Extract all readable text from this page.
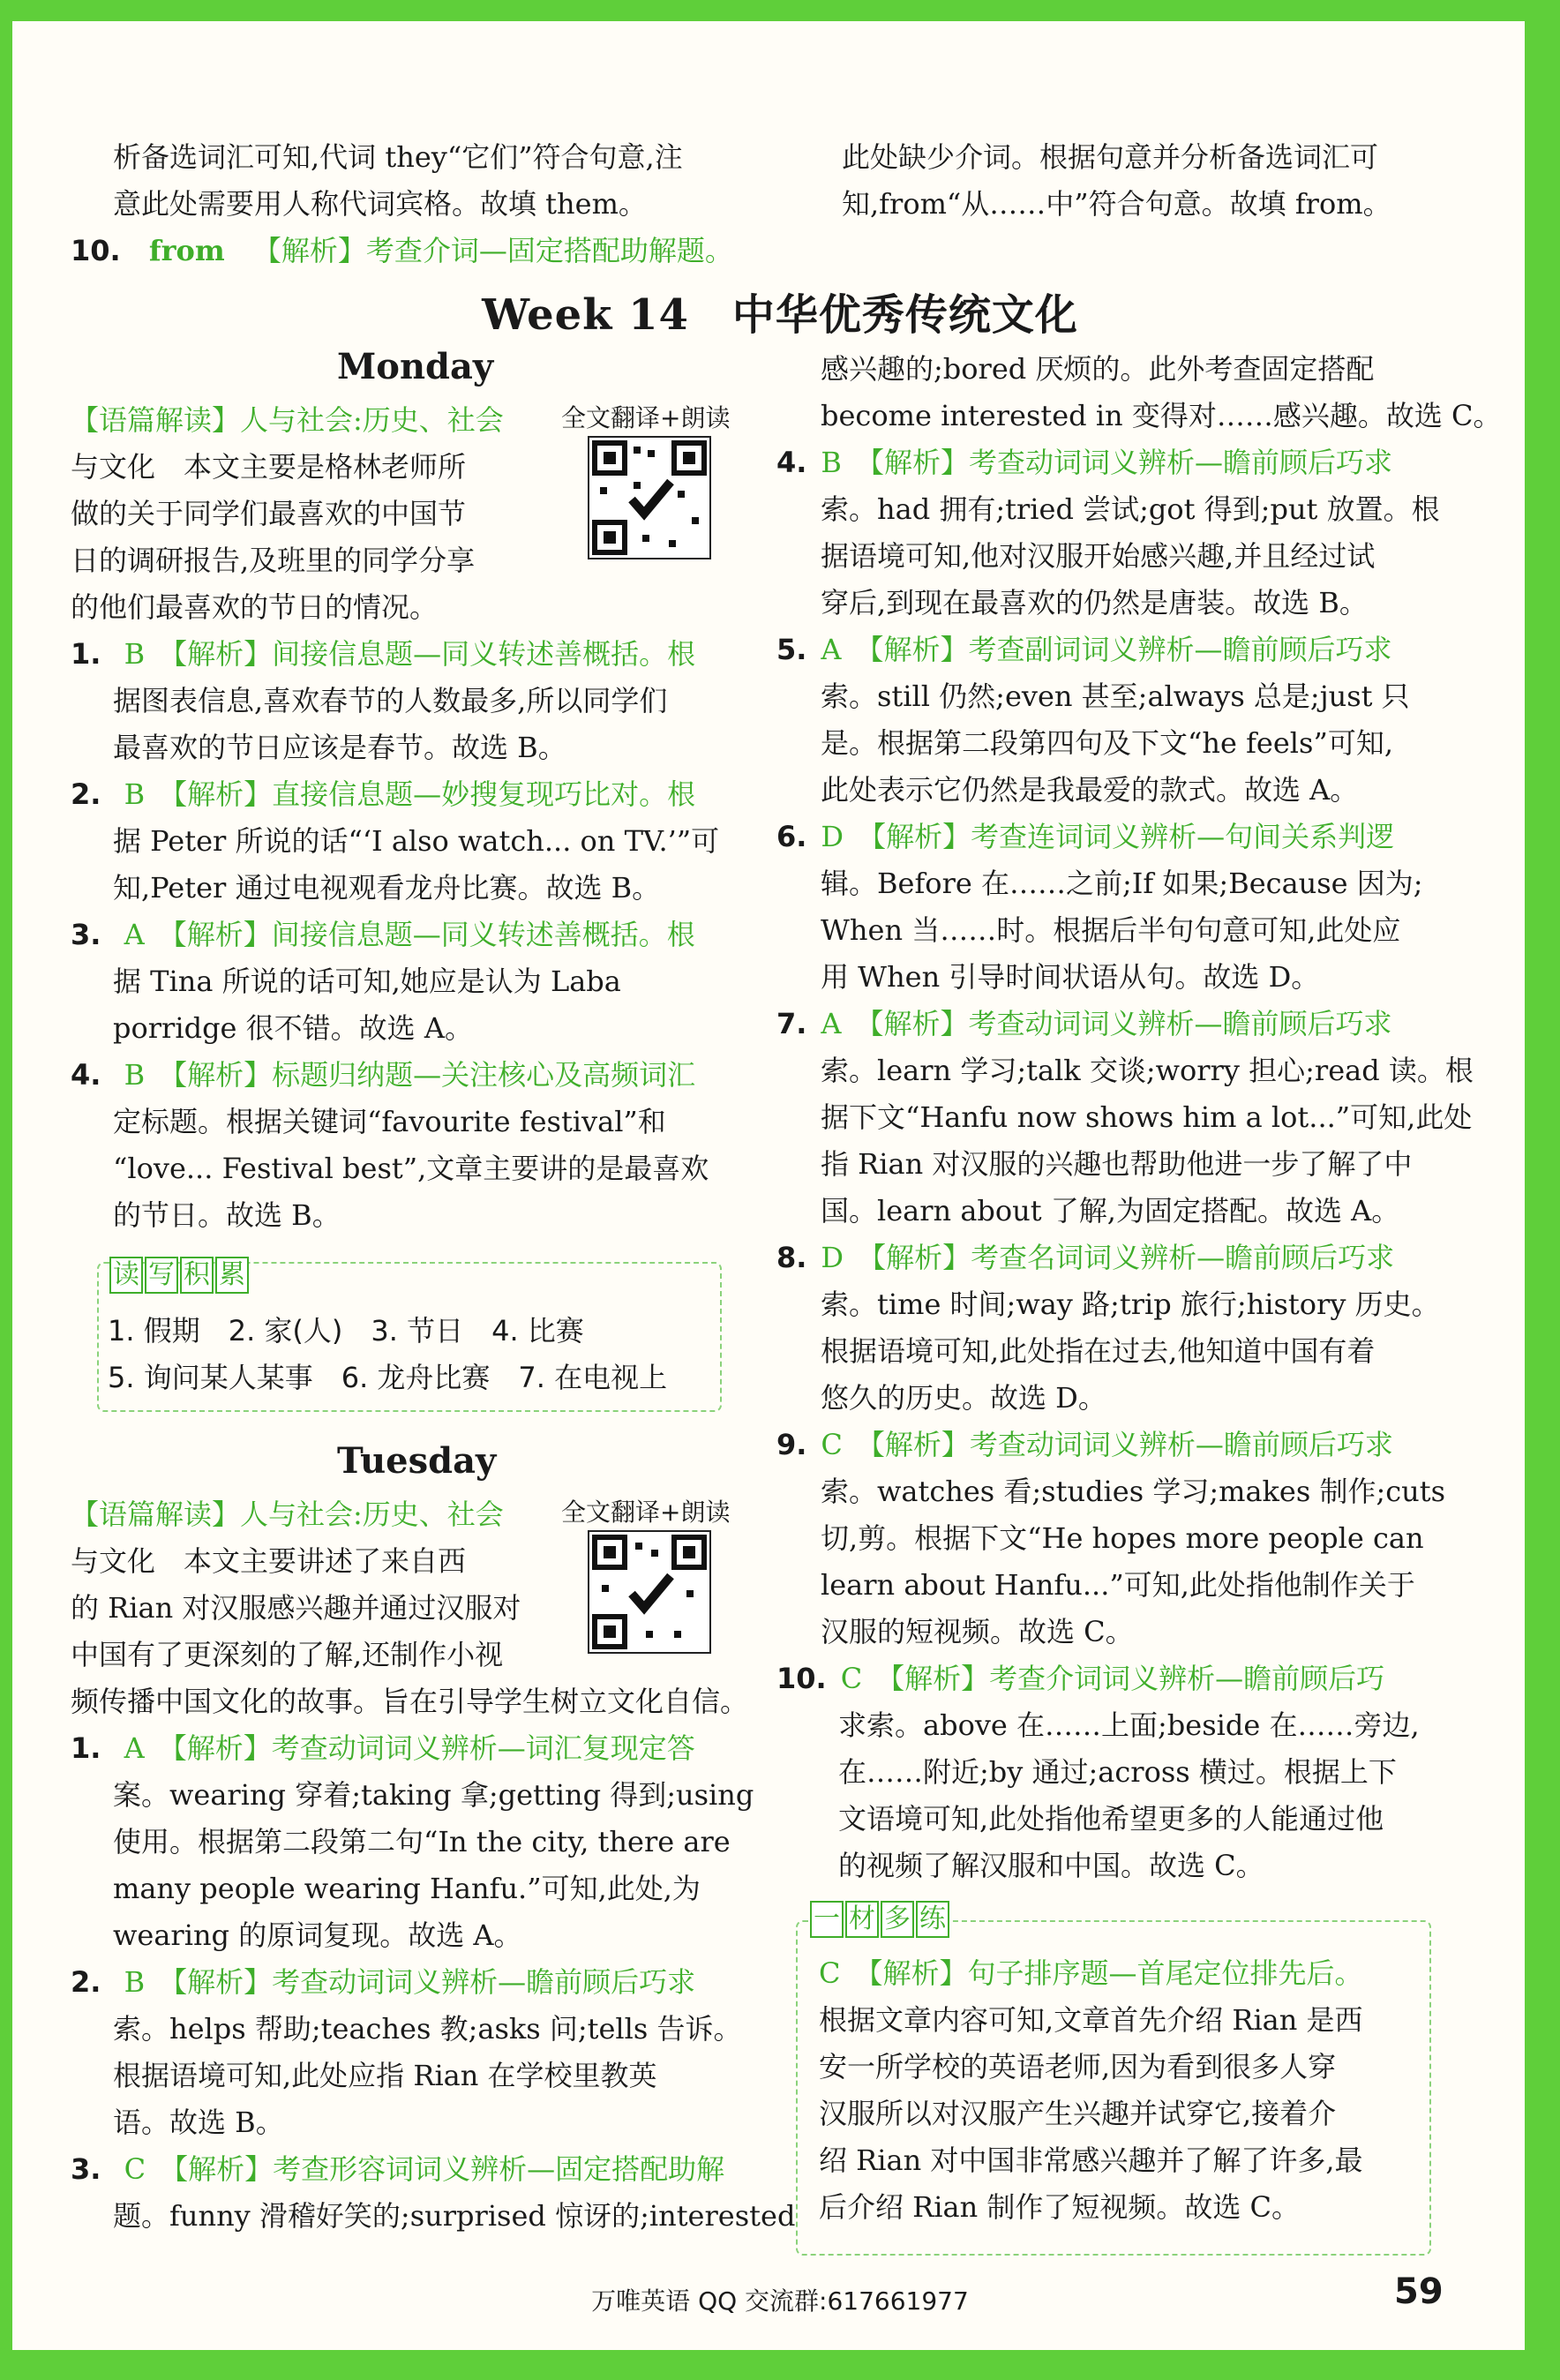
析备选词汇可知,代词 they“它们”符合句意,注
意此处需要用人称代词宾格。故填 them。
10. from 【解析】考查介词—固定搭配助解题。
此处缺少介词。根据句意并分析备选词汇可
知,from“从……中”符合句意。故填 from。
Week 14　中华优秀传统文化
Monday
全文翻译+朗读
【语篇解读】人与社会:历史、社会
与文化　本文主要是格林老师所
做的关于同学们最喜欢的中国节
日的调研报告,及班里的同学分享
的他们最喜欢的节日的情况。
1. B　【解析】间接信息题—同义转述善概括。根
据图表信息,喜欢春节的人数最多,所以同学们
最喜欢的节日应该是春节。故选 B。
2. B　【解析】直接信息题—妙搜复现巧比对。根
据 Peter 所说的话“‘I also watch... on TV.’”可
知,Peter 通过电视观看龙舟比赛。故选 B。
3. A　【解析】间接信息题—同义转述善概括。根
据 Tina 所说的话可知,她应是认为 Laba
porridge 很不错。故选 A。
4. B　【解析】标题归纳题—关注核心及高频词汇
定标题。根据关键词“favourite festival”和
“love... Festival best”,文章主要讲的是最喜欢
的节日。故选 B。
读 写 积 累
1. 假期　2. 家(人)　3. 节日　4. 比赛
5. 询问某人某事　6. 龙舟比赛　7. 在电视上
Tuesday
全文翻译+朗读
【语篇解读】人与社会:历史、社会
与文化　本文主要讲述了来自西
的 Rian 对汉服感兴趣并通过汉服对
中国有了更深刻的了解,还制作小视
频传播中国文化的故事。旨在引导学生树立文化自信。
1. A　【解析】考查动词词义辨析—词汇复现定答
案。wearing 穿着;taking 拿;getting 得到;using
使用。根据第二段第二句“In the city, there are
many people wearing Hanfu.”可知,此处,为
wearing 的原词复现。故选 A。
2. B　【解析】考查动词词义辨析—瞻前顾后巧求
索。helps 帮助;teaches 教;asks 问;tells 告诉。
根据语境可知,此处应指 Rian 在学校里教英
语。故选 B。
3. C　【解析】考查形容词词义辨析—固定搭配助解
题。funny 滑稽好笑的;surprised 惊讶的;interested
感兴趣的;bored 厌烦的。此外考查固定搭配
become interested in 变得对……感兴趣。故选 C。
4. B　【解析】考查动词词义辨析—瞻前顾后巧求
索。had 拥有;tried 尝试;got 得到;put 放置。根
据语境可知,他对汉服开始感兴趣,并且经过试
穿后,到现在最喜欢的仍然是唐装。故选 B。
5. A　【解析】考查副词词义辨析—瞻前顾后巧求
索。still 仍然;even 甚至;always 总是;just 只
是。根据第二段第四句及下文“he feels”可知,
此处表示它仍然是我最爱的款式。故选 A。
6. D　【解析】考查连词词义辨析—句间关系判逻
辑。Before 在……之前;If 如果;Because 因为;
When 当……时。根据后半句句意可知,此处应
用 When 引导时间状语从句。故选 D。
7. A　【解析】考查动词词义辨析—瞻前顾后巧求
索。learn 学习;talk 交谈;worry 担心;read 读。根
据下文“Hanfu now shows him a lot...”可知,此处
指 Rian 对汉服的兴趣也帮助他进一步了解了中
国。learn about 了解,为固定搭配。故选 A。
8. D　【解析】考查名词词义辨析—瞻前顾后巧求
索。time 时间;way 路;trip 旅行;history 历史。
根据语境可知,此处指在过去,他知道中国有着
悠久的历史。故选 D。
9. C　【解析】考查动词词义辨析—瞻前顾后巧求
索。watches 看;studies 学习;makes 制作;cuts
切,剪。根据下文“He hopes more people can
learn about Hanfu...”可知,此处指他制作关于
汉服的短视频。故选 C。
10. C　【解析】考查介词词义辨析—瞻前顾后巧
求索。above 在……上面;beside 在……旁边,
在……附近;by 通过;across 横过。根据上下
文语境可知,此处指他希望更多的人能通过他
的视频了解汉服和中国。故选 C。
一 材 多 练
C　【解析】句子排序题—首尾定位排先后。
根据文章内容可知,文章首先介绍 Rian 是西
安一所学校的英语老师,因为看到很多人穿
汉服所以对汉服产生兴趣并试穿它,接着介
绍 Rian 对中国非常感兴趣并了解了许多,最
后介绍 Rian 制作了短视频。故选 C。
万唯英语 QQ 交流群:617661977	59
